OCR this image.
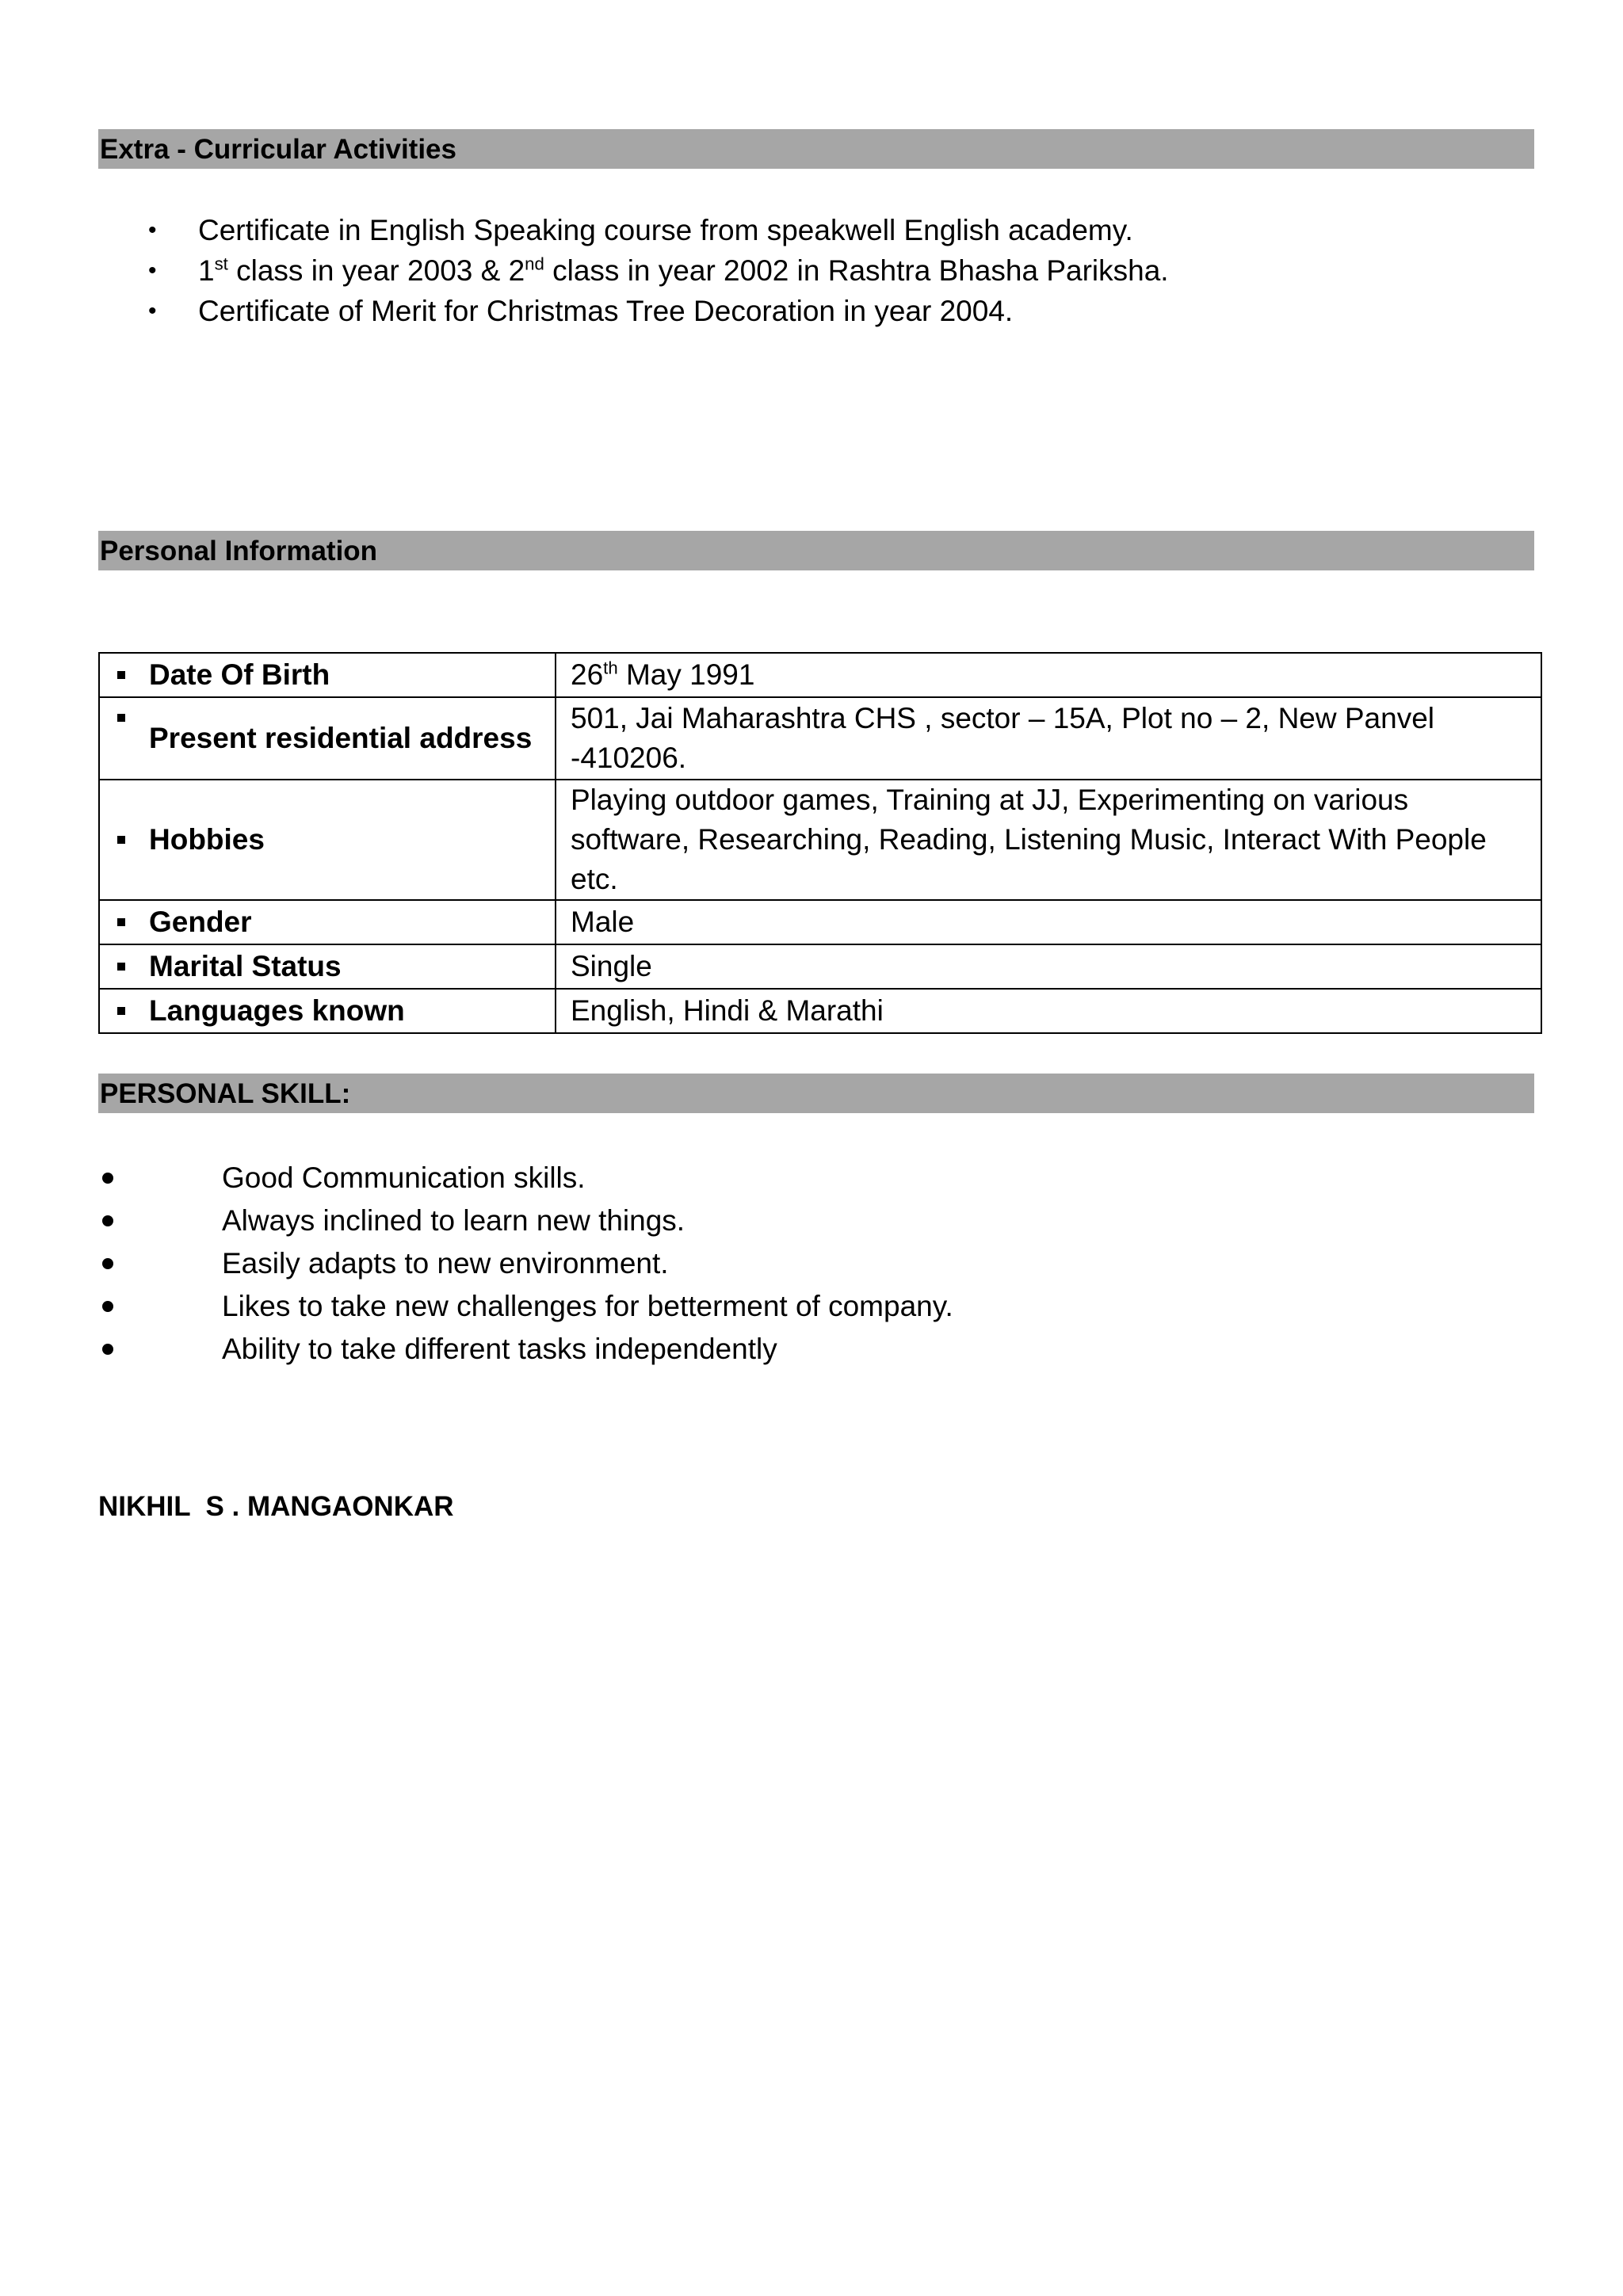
Extra - Curricular Activities
• Certificate in English Speaking course from speakwell English academy.
• 1st class in year 2003 & 2nd class in year 2002 in Rashtra Bhasha Pariksha.
• Certificate of Merit for Christmas Tree Decoration in year 2004.
Personal Information
Date Of Birth	26th May 1991

Present residential address	501, Jai Maharashtra CHS , sector – 15A, Plot no – 2, New Panvel -410206.

Hobbies	Playing outdoor games, Training at JJ, Experimenting on various software, Researching, Reading, Listening Music, Interact With People etc.

Gender	Male

Marital Status	Single

Languages known	English, Hindi & Marathi
PERSONAL SKILL:
Good Communication skills.
Always inclined to learn new things.
Easily adapts to new environment.
Likes to take new challenges for betterment of company.
Ability to take different tasks independently
NIKHIL  S . MANGAONKAR
